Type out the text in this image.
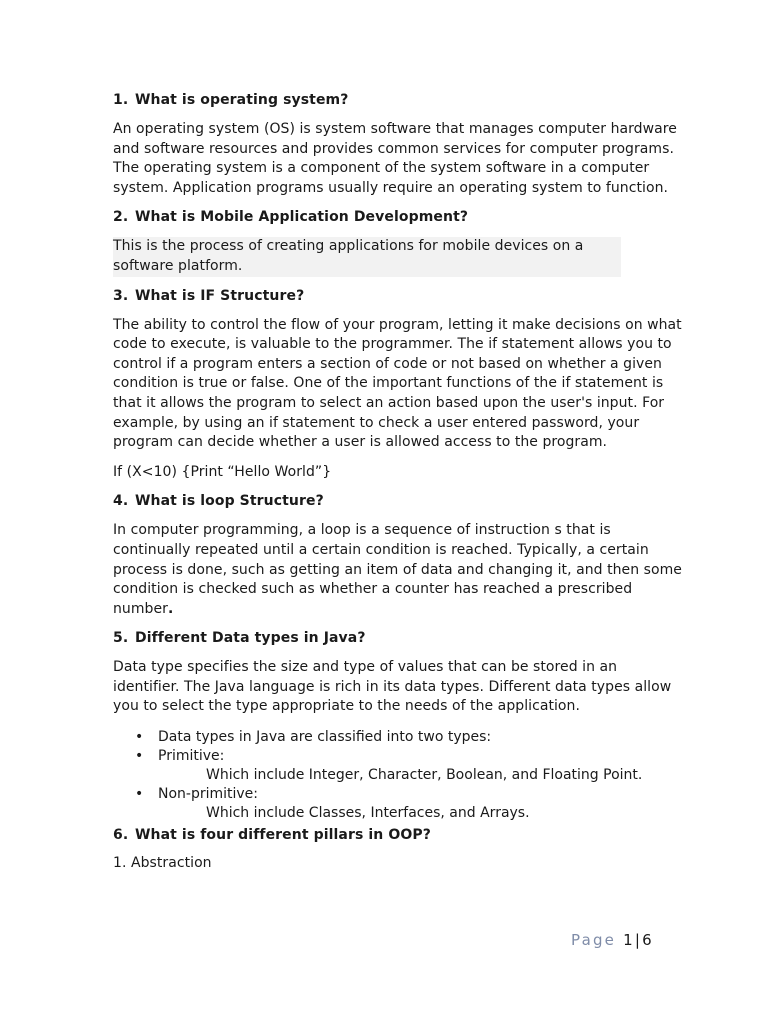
1. What is operating system?

An operating system (OS) is system software that manages computer hardware and software resources and provides common services for computer programs. The operating system is a component of the system software in a computer system. Application programs usually require an operating system to function.

2. What is Mobile Application Development?

This is the process of creating applications for mobile devices on a software platform.

3. What is IF Structure?

The ability to control the flow of your program, letting it make decisions on what code to execute, is valuable to the programmer. The if statement allows you to control if a program enters a section of code or not based on whether a given condition is true or false. One of the important functions of the if statement is that it allows the program to select an action based upon the user's input. For example, by using an if statement to check a user entered password, your program can decide whether a user is allowed access to the program.

If (X<10) {Print “Hello World”}

4. What is loop Structure?

In computer programming, a loop is a sequence of instruction s that is continually repeated until a certain condition is reached. Typically, a certain process is done, such as getting an item of data and changing it, and then some condition is checked such as whether a counter has reached a prescribed number.

5. Different Data types in Java?

Data type specifies the size and type of values that can be stored in an identifier. The Java language is rich in its data types. Different data types allow you to select the type appropriate to the needs of the application.

• Data types in Java are classified into two types:
• Primitive:
Which include Integer, Character, Boolean, and Floating Point.
• Non-primitive:
Which include Classes, Interfaces, and Arrays.
6. What is four different pillars in OOP?

1. Abstraction

Page 1|6
